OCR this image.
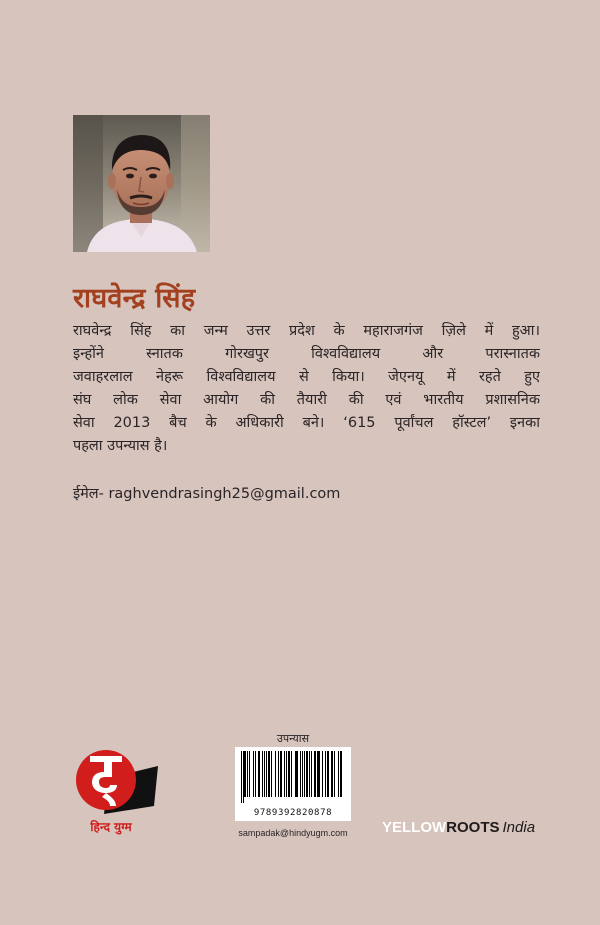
राघवेन्द्र सिंह
राघवेन्द्र सिंह का जन्म उत्तर प्रदेश के महाराजगंज ज़िले में हुआ।
इन्होंने स्नातक गोरखपुर विश्वविद्यालय और परास्नातक
जवाहरलाल नेहरू विश्वविद्यालय से किया। जेएनयू में रहते हुए
संघ लोक सेवा आयोग की तैयारी की एवं भारतीय प्रशासनिक
सेवा 2013 बैच के अधिकारी बने। ‘615 पूर्वांचल हॉस्टल’ इनका
पहला उपन्यास है।
ईमेल- raghvendrasingh25@gmail.com
हिन्द युग्म
उपन्यास
9789392820878
sampadak@hindyugm.com YELLOWROOTS India
